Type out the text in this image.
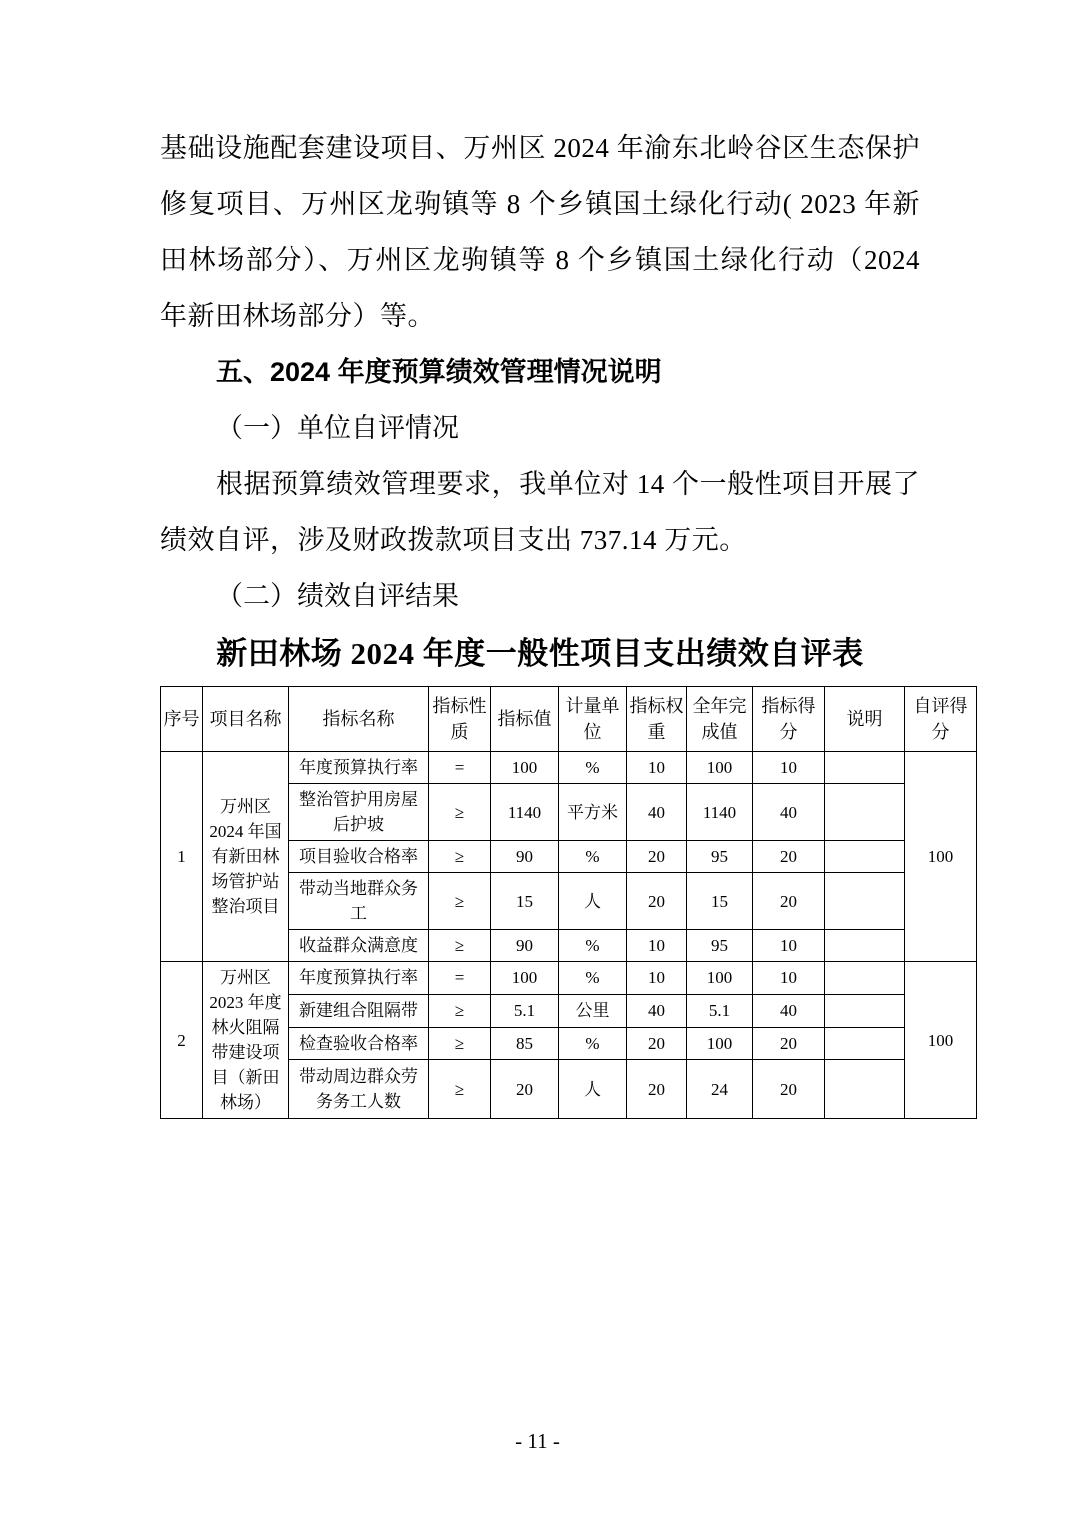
基础设施配套建设项目、万州区 2024 年渝东北岭谷区生态保护修复项目、万州区龙驹镇等 8 个乡镇国土绿化行动( 2023 年新田林场部分）、万州区龙驹镇等 8 个乡镇国土绿化行动（2024 年新田林场部分）等。

五、2024 年度预算绩效管理情况说明
（一）单位自评情况

根据预算绩效管理要求，我单位对 14 个一般性项目开展了绩效自评，涉及财政拨款项目支出 737.14 万元。

（二）绩效自评结果
新田林场 2024 年度一般性项目支出绩效自评表
序号	项目名称	指标名称	指标性质	指标值	计量单位	指标权重	全年完成值	指标得分	说明	自评得分
1	万州区 2024 年国有新田林场管护站整治项目	年度预算执行率	=	100	%	10	100	10		100
		整治管护用房屋后护坡	≥	1140	平方米	40	1140	40		
		项目验收合格率	≥	90	%	20	95	20		
		带动当地群众务工	≥	15	人	20	15	20		
		收益群众满意度	≥	90	%	10	95	10		
2	万州区 2023 年度林火阻隔带建设项目（新田林场）	年度预算执行率	=	100	%	10	100	10		100
		新建组合阻隔带	≥	5.1	公里	40	5.1	40		
		检查验收合格率	≥	85	%	20	100	20		
		带动周边群众劳务务工人数	≥	20	人	20	24	20		
- 11 -
